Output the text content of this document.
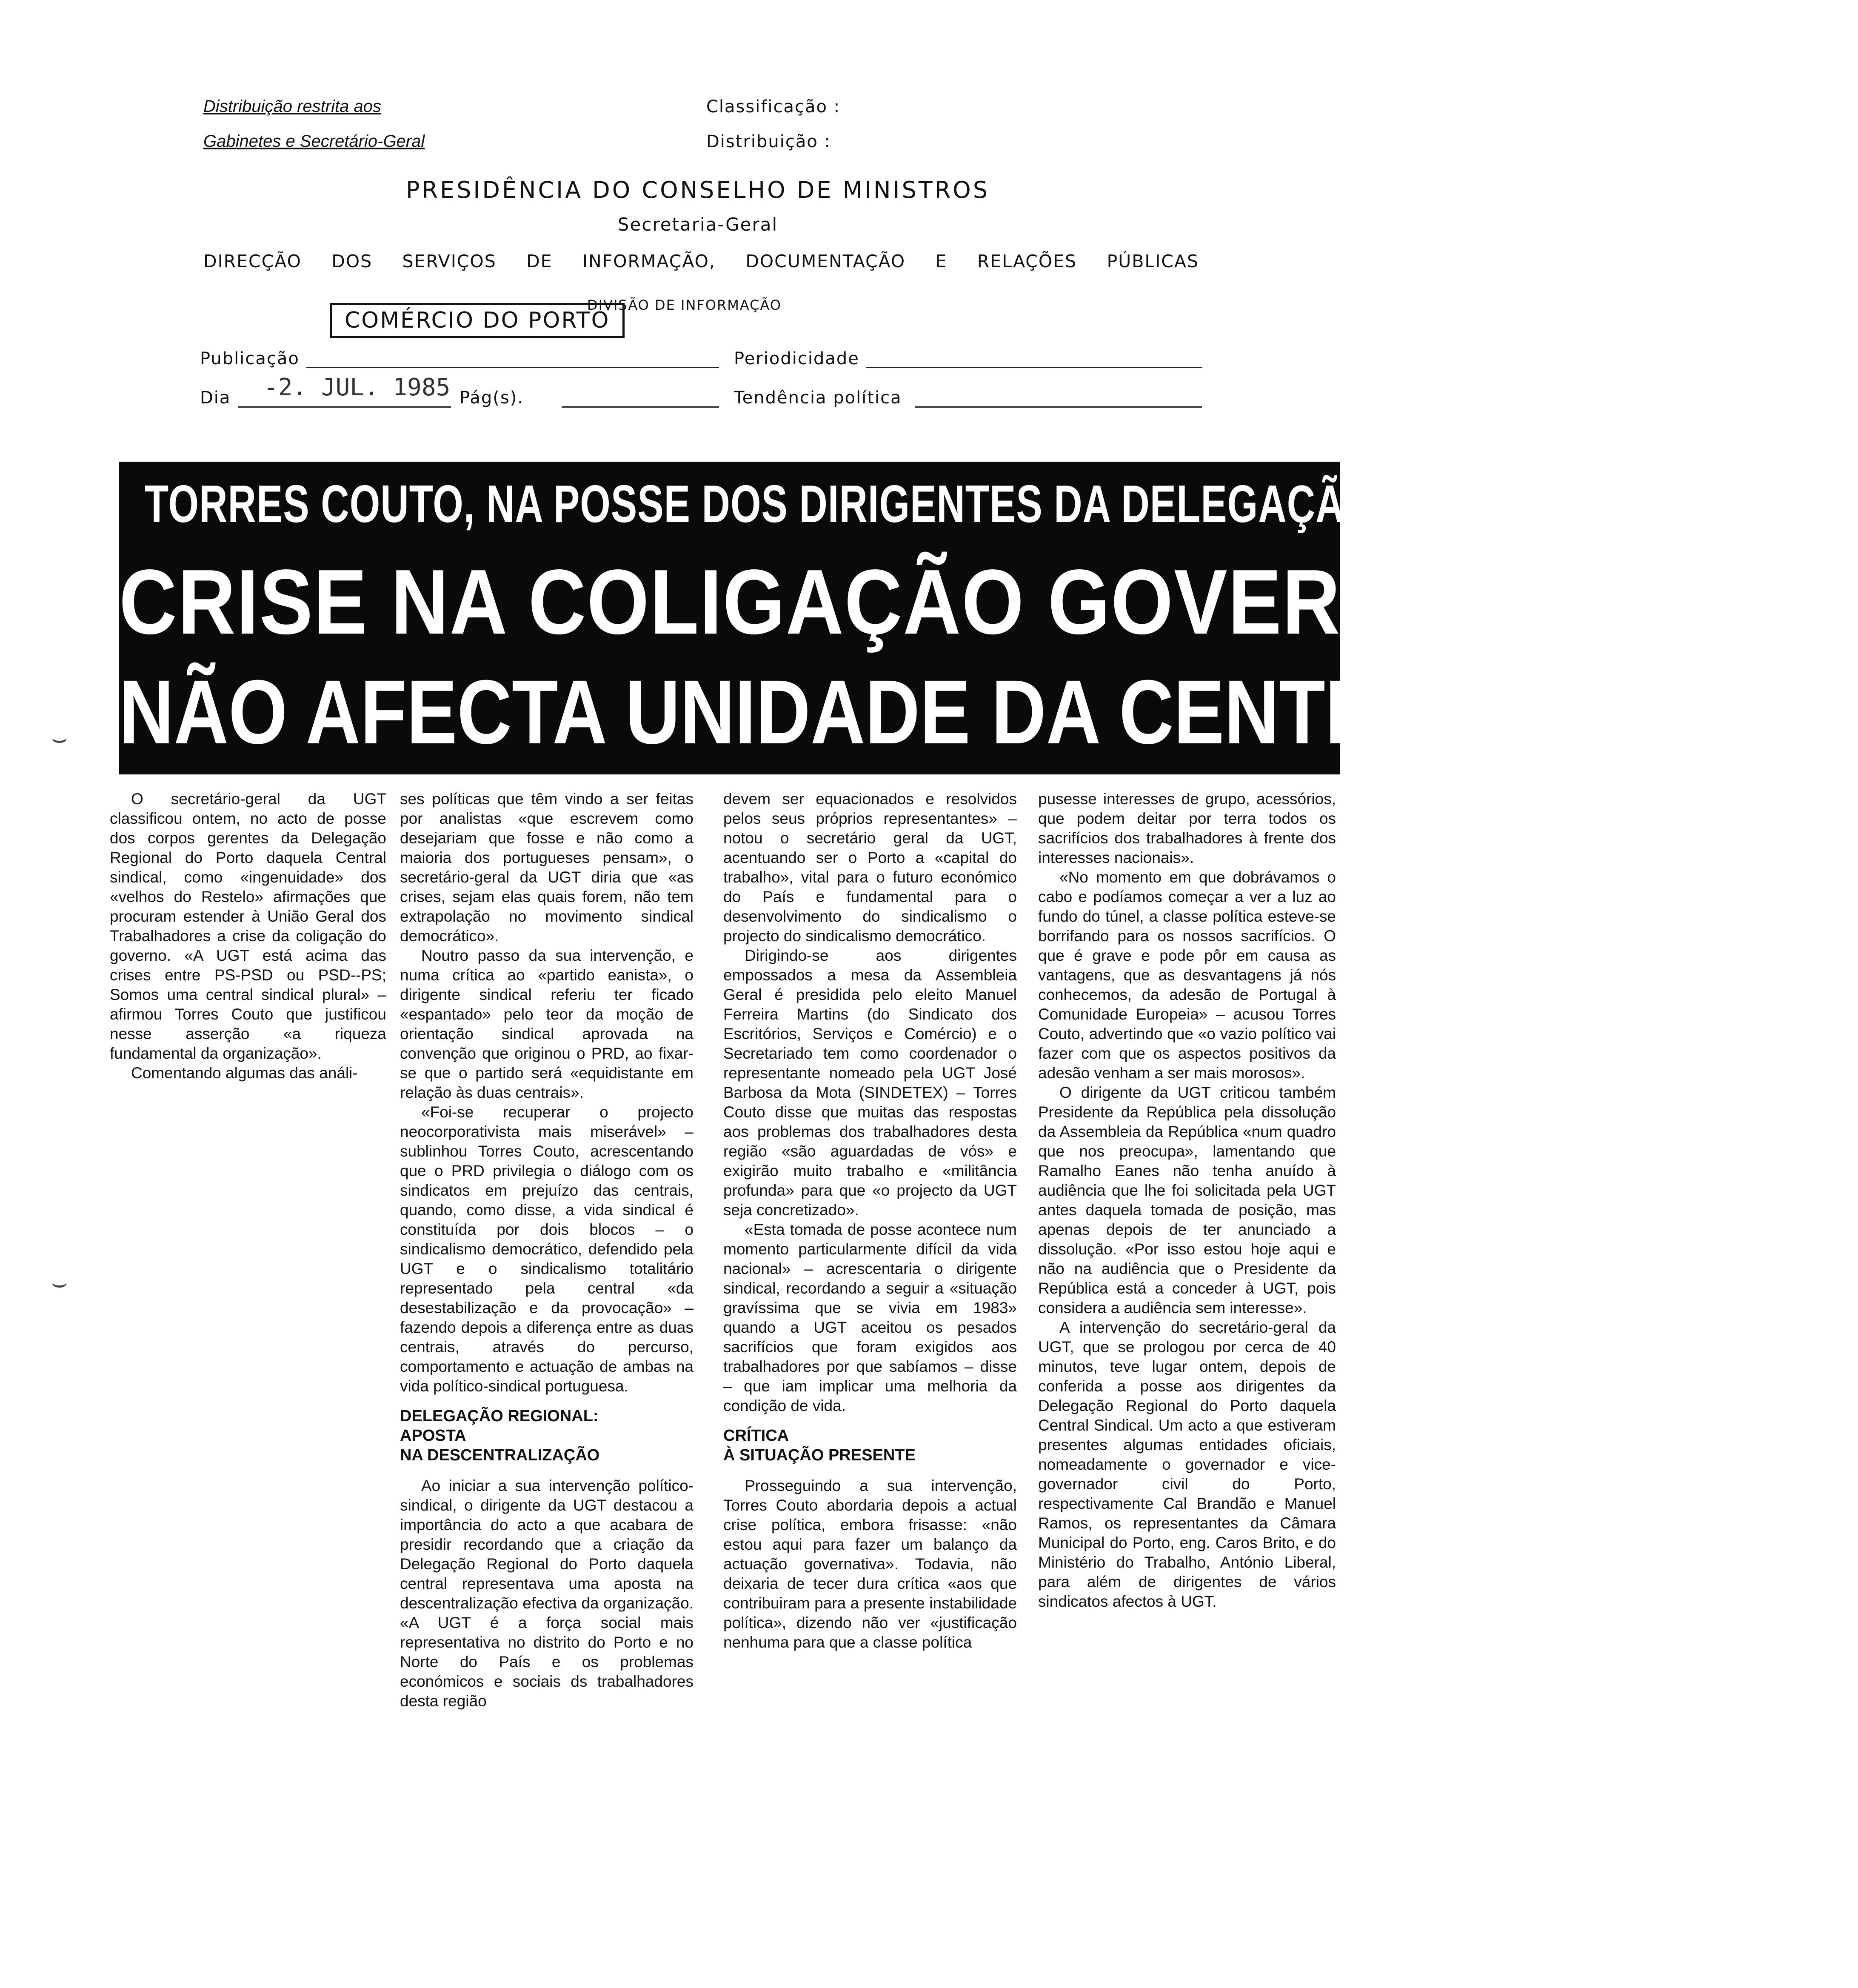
Distribuição restrita aos
Gabinetes e Secretário-Geral
Classificação :
Distribuição :
PRESIDÊNCIA DO CONSELHO DE MINISTROS
Secretaria-Geral
DIRECÇÃO DOS SERVIÇOS DE INFORMAÇÃO, DOCUMENTAÇÃO E RELAÇÕES PÚBLICAS
DIVISÃO DE INFORMAÇÃO
COMÉRCIO DO PORTO
Publicação	Periodicidade
Dia -2. JUL. 1985 Pág(s).	Tendência política
TORRES COUTO, NA POSSE DOS DIRIGENTES DA DELEGAÇÃO DA UGT DO PORTO
CRISE NA COLIGAÇÃO GOVERNATIVA
NÃO AFECTA UNIDADE DA CENTRAL SINDICAL

O secretário-geral da UGT classificou ontem, no acto de posse dos corpos gerentes da Delegação Regional do Porto daquela Central sindical, como «ingenuidade» dos «velhos do Restelo» afirmações que procuram estender à União Geral dos Trabalhadores a crise da coligação do governo. «A UGT está acima das crises entre PS-PSD ou PSD--PS; Somos uma central sindical plural» – afirmou Torres Couto que justificou nesse asserção «a riqueza fundamental da organização».

Comentando algumas das análi-

ses políticas que têm vindo a ser feitas por analistas «que escrevem como desejariam que fosse e não como a maioria dos portugueses pensam», o secretário-geral da UGT diria que «as crises, sejam elas quais forem, não tem extrapolação no movimento sindical democrático».

Noutro passo da sua intervenção, e numa crítica ao «partido eanista», o dirigente sindical referiu ter ficado «espantado» pelo teor da moção de orientação sindical aprovada na convenção que originou o PRD, ao fixar-se que o partido será «equidistante em relação às duas centrais».

«Foi-se recuperar o projecto neocorporativista mais miserável» – sublinhou Torres Couto, acrescentando que o PRD privilegia o diálogo com os sindicatos em prejuízo das centrais, quando, como disse, a vida sindical é constituída por dois blocos – o sindicalismo democrático, defendido pela UGT e o sindicalismo totalitário representado pela central «da desestabilização e da provocação» – fazendo depois a diferença entre as duas centrais, através do percurso, comportamento e actuação de ambas na vida político-sindical portuguesa.

DELEGAÇÃO REGIONAL:
APOSTA
NA DESCENTRALIZAÇÃO

Ao iniciar a sua intervenção político-sindical, o dirigente da UGT destacou a importância do acto a que acabara de presidir recordando que a criação da Delegação Regional do Porto daquela central representava uma aposta na descentralização efectiva da organização. «A UGT é a força social mais representativa no distrito do Porto e no Norte do País e os problemas económicos e sociais ds trabalhadores desta região

devem ser equacionados e resolvidos pelos seus próprios representantes» – notou o secretário geral da UGT, acentuando ser o Porto a «capital do trabalho», vital para o futuro económico do País e fundamental para o desenvolvimento do sindicalismo o projecto do sindicalismo democrático.

Dirigindo-se aos dirigentes empossados a mesa da Assembleia Geral é presidida pelo eleito Manuel Ferreira Martins (do Sindicato dos Escritórios, Serviços e Comércio) e o Secretariado tem como coordenador o representante nomeado pela UGT José Barbosa da Mota (SINDETEX) – Torres Couto disse que muitas das respostas aos problemas dos trabalhadores desta região «são aguardadas de vós» e exigirão muito trabalho e «militância profunda» para que «o projecto da UGT seja concretizado».

«Esta tomada de posse acontece num momento particularmente difícil da vida nacional» – acrescentaria o dirigente sindical, recordando a seguir a «situação gravíssima que se vivia em 1983» quando a UGT aceitou os pesados sacrifícios que foram exigidos aos trabalhadores por que sabíamos – disse – que iam implicar uma melhoria da condição de vida.

CRÍTICA
À SITUAÇÃO PRESENTE

Prosseguindo a sua intervenção, Torres Couto abordaria depois a actual crise política, embora frisasse: «não estou aqui para fazer um balanço da actuação governativa». Todavia, não deixaria de tecer dura crítica «aos que contribuiram para a presente instabilidade política», dizendo não ver «justificação nenhuma para que a classe política

pusesse interesses de grupo, acessórios, que podem deitar por terra todos os sacrifícios dos trabalhadores à frente dos interesses nacionais».

«No momento em que dobrávamos o cabo e podíamos começar a ver a luz ao fundo do túnel, a classe política esteve-se borrifando para os nossos sacrifícios. O que é grave e pode pôr em causa as vantagens, que as desvantagens já nós conhecemos, da adesão de Portugal à Comunidade Europeia» – acusou Torres Couto, advertindo que «o vazio político vai fazer com que os aspectos positivos da adesão venham a ser mais morosos».

O dirigente da UGT criticou também Presidente da República pela dissolução da Assembleia da República «num quadro que nos preocupa», lamentando que Ramalho Eanes não tenha anuído à audiência que lhe foi solicitada pela UGT antes daquela tomada de posição, mas apenas depois de ter anunciado a dissolução. «Por isso estou hoje aqui e não na audiência que o Presidente da República está a conceder à UGT, pois considera a audiência sem interesse».

A intervenção do secretário-geral da UGT, que se prologou por cerca de 40 minutos, teve lugar ontem, depois de conferida a posse aos dirigentes da Delegação Regional do Porto daquela Central Sindical. Um acto a que estiveram presentes algumas entidades oficiais, nomeadamente o governador e vice-governador civil do Porto, respectivamente Cal Brandão e Manuel Ramos, os representantes da Câmara Municipal do Porto, eng. Caros Brito, e do Ministério do Trabalho, António Liberal, para além de dirigentes de vários sindicatos afectos à UGT.

⌣
⌣
